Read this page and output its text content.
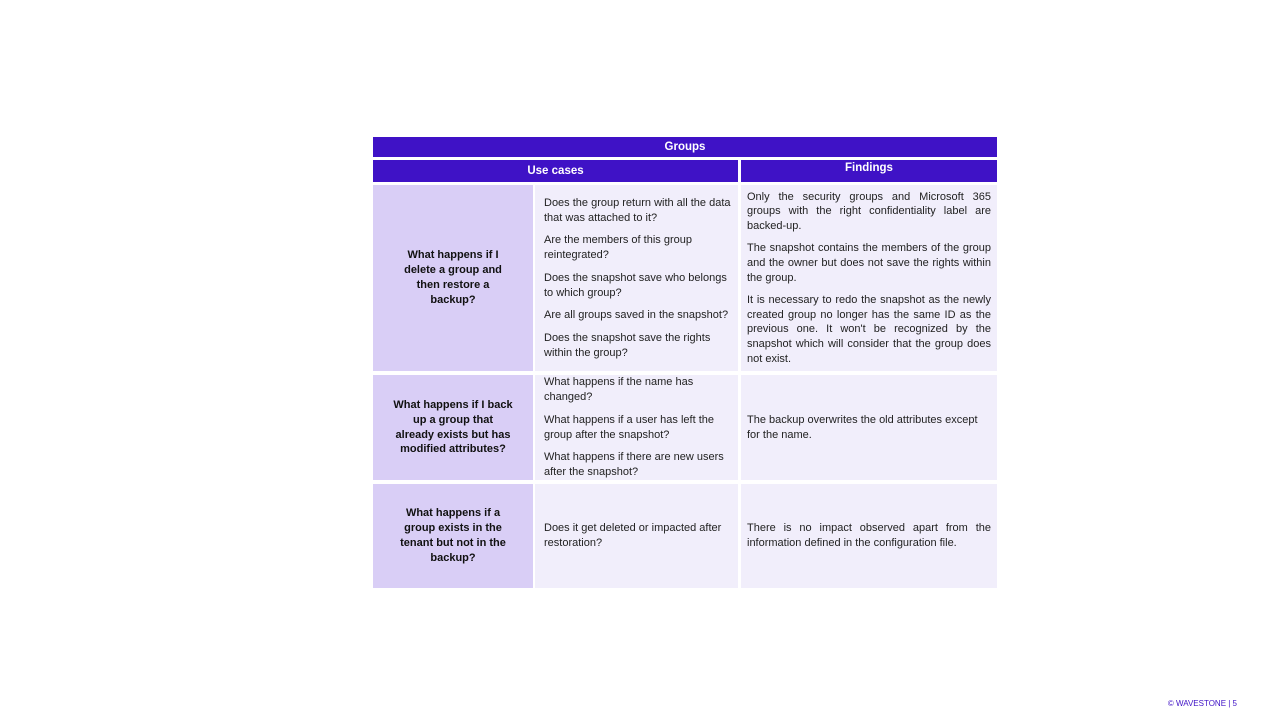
Groups
Use cases	Findings
What happens if I delete a group and then restore a backup?

Does the group return with all the data that was attached to it?

Are the members of this group reintegrated?

Does the snapshot save who belongs to which group?

Are all groups saved in the snapshot?

Does the snapshot save the rights within the group?

Only the security groups and Microsoft 365 groups with the right confidentiality label are backed-up.

The snapshot contains the members of the group and the owner but does not save the rights within the group.

It is necessary to redo the snapshot as the newly created group no longer has the same ID as the previous one. It won't be recognized by the snapshot which will consider that the group does not exist.

What happens if I back up a group that already exists but has modified attributes?

What happens if the name has changed?

What happens if a user has left the group after the snapshot?

What happens if there are new users after the snapshot?

The backup overwrites the old attributes except for the name.

What happens if a group exists in the tenant but not in the backup?

Does it get deleted or impacted after restoration?

There is no impact observed apart from the information defined in the configuration file.

© WAVESTONE | 5
